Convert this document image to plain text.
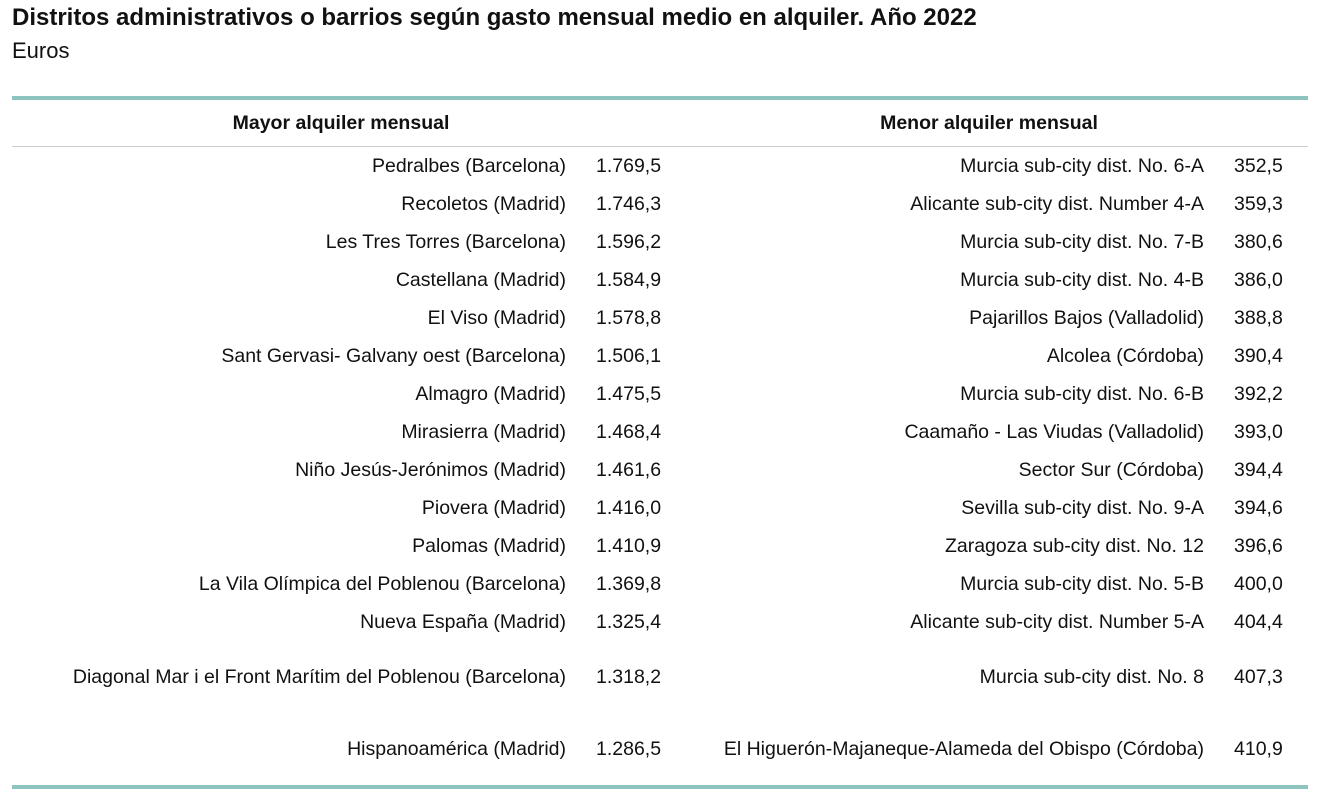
Distritos administrativos o barrios según gasto mensual medio en alquiler. Año 2022
Euros
Mayor alquiler mensual		Menor alquiler mensual	
Pedralbes (Barcelona)	1.769,5	Murcia sub-city dist. No. 6-A	352,5
Recoletos (Madrid)	1.746,3	Alicante sub-city dist. Number 4-A	359,3
Les Tres Torres (Barcelona)	1.596,2	Murcia sub-city dist. No. 7-B	380,6
Castellana (Madrid)	1.584,9	Murcia sub-city dist. No. 4-B	386,0
El Viso (Madrid)	1.578,8	Pajarillos Bajos (Valladolid)	388,8
Sant Gervasi- Galvany oest (Barcelona)	1.506,1	Alcolea (Córdoba)	390,4
Almagro (Madrid)	1.475,5	Murcia sub-city dist. No. 6-B	392,2
Mirasierra (Madrid)	1.468,4	Caamaño - Las Viudas (Valladolid)	393,0
Niño Jesús-Jerónimos (Madrid)	1.461,6	Sector Sur (Córdoba)	394,4
Piovera (Madrid)	1.416,0	Sevilla sub-city dist. No. 9-A	394,6
Palomas (Madrid)	1.410,9	Zaragoza sub-city dist. No. 12	396,6
La Vila Olímpica del Poblenou (Barcelona)	1.369,8	Murcia sub-city dist. No. 5-B	400,0
Nueva España (Madrid)	1.325,4	Alicante sub-city dist. Number 5-A	404,4
Diagonal Mar i el Front Marítim del Poblenou (Barcelona)	1.318,2	Murcia sub-city dist. No. 8	407,3
Hispanoamérica (Madrid)	1.286,5	El Higuerón-Majaneque-Alameda del Obispo (Córdoba)	410,9
